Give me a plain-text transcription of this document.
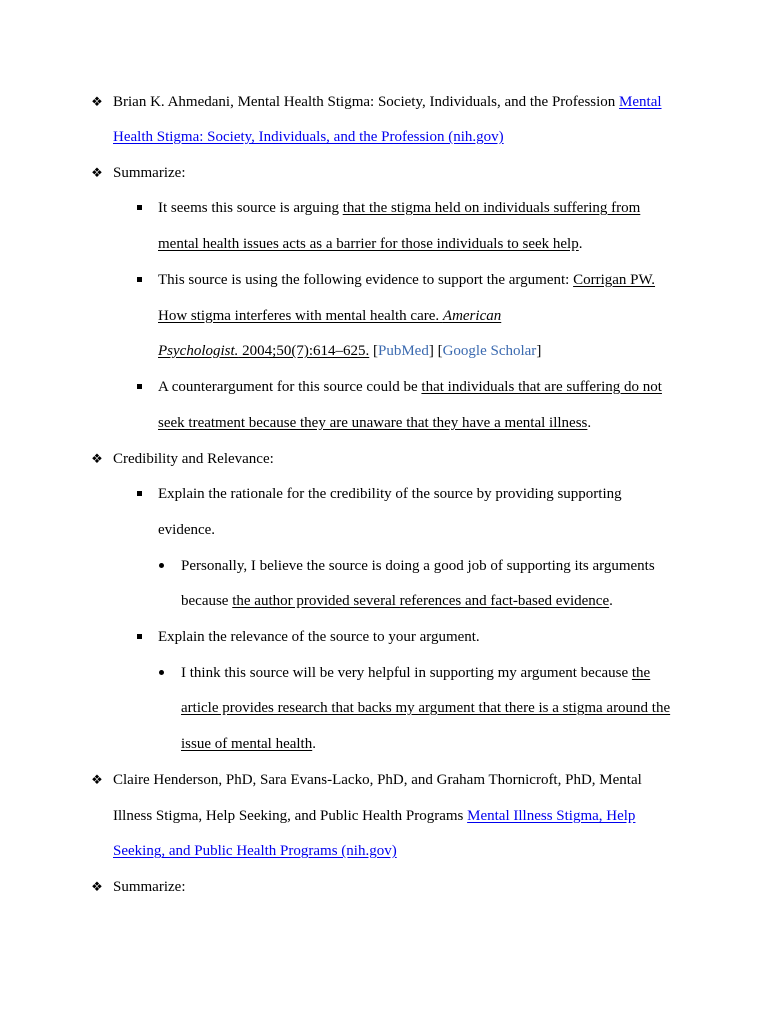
❖ Brian K. Ahmedani, Mental Health Stigma: Society, Individuals, and the Profession Mental
Health Stigma: Society, Individuals, and the Profession (nih.gov)
❖ Summarize:
It seems this source is arguing that the stigma held on individuals suffering from
mental health issues acts as a barrier for those individuals to seek help.
This source is using the following evidence to support the argument: Corrigan PW.
How stigma interferes with mental health care. American
Psychologist. 2004;50(7):614–625. [PubMed] [Google Scholar]
A counterargument for this source could be that individuals that are suffering do not
seek treatment because they are unaware that they have a mental illness.
❖ Credibility and Relevance:
Explain the rationale for the credibility of the source by providing supporting
evidence.
Personally, I believe the source is doing a good job of supporting its arguments
because the author provided several references and fact-based evidence.
Explain the relevance of the source to your argument.
I think this source will be very helpful in supporting my argument because the
article provides research that backs my argument that there is a stigma around the
issue of mental health.
❖ Claire Henderson, PhD, Sara Evans-Lacko, PhD, and Graham Thornicroft, PhD, Mental
Illness Stigma, Help Seeking, and Public Health Programs Mental Illness Stigma, Help
Seeking, and Public Health Programs (nih.gov)
❖ Summarize:
